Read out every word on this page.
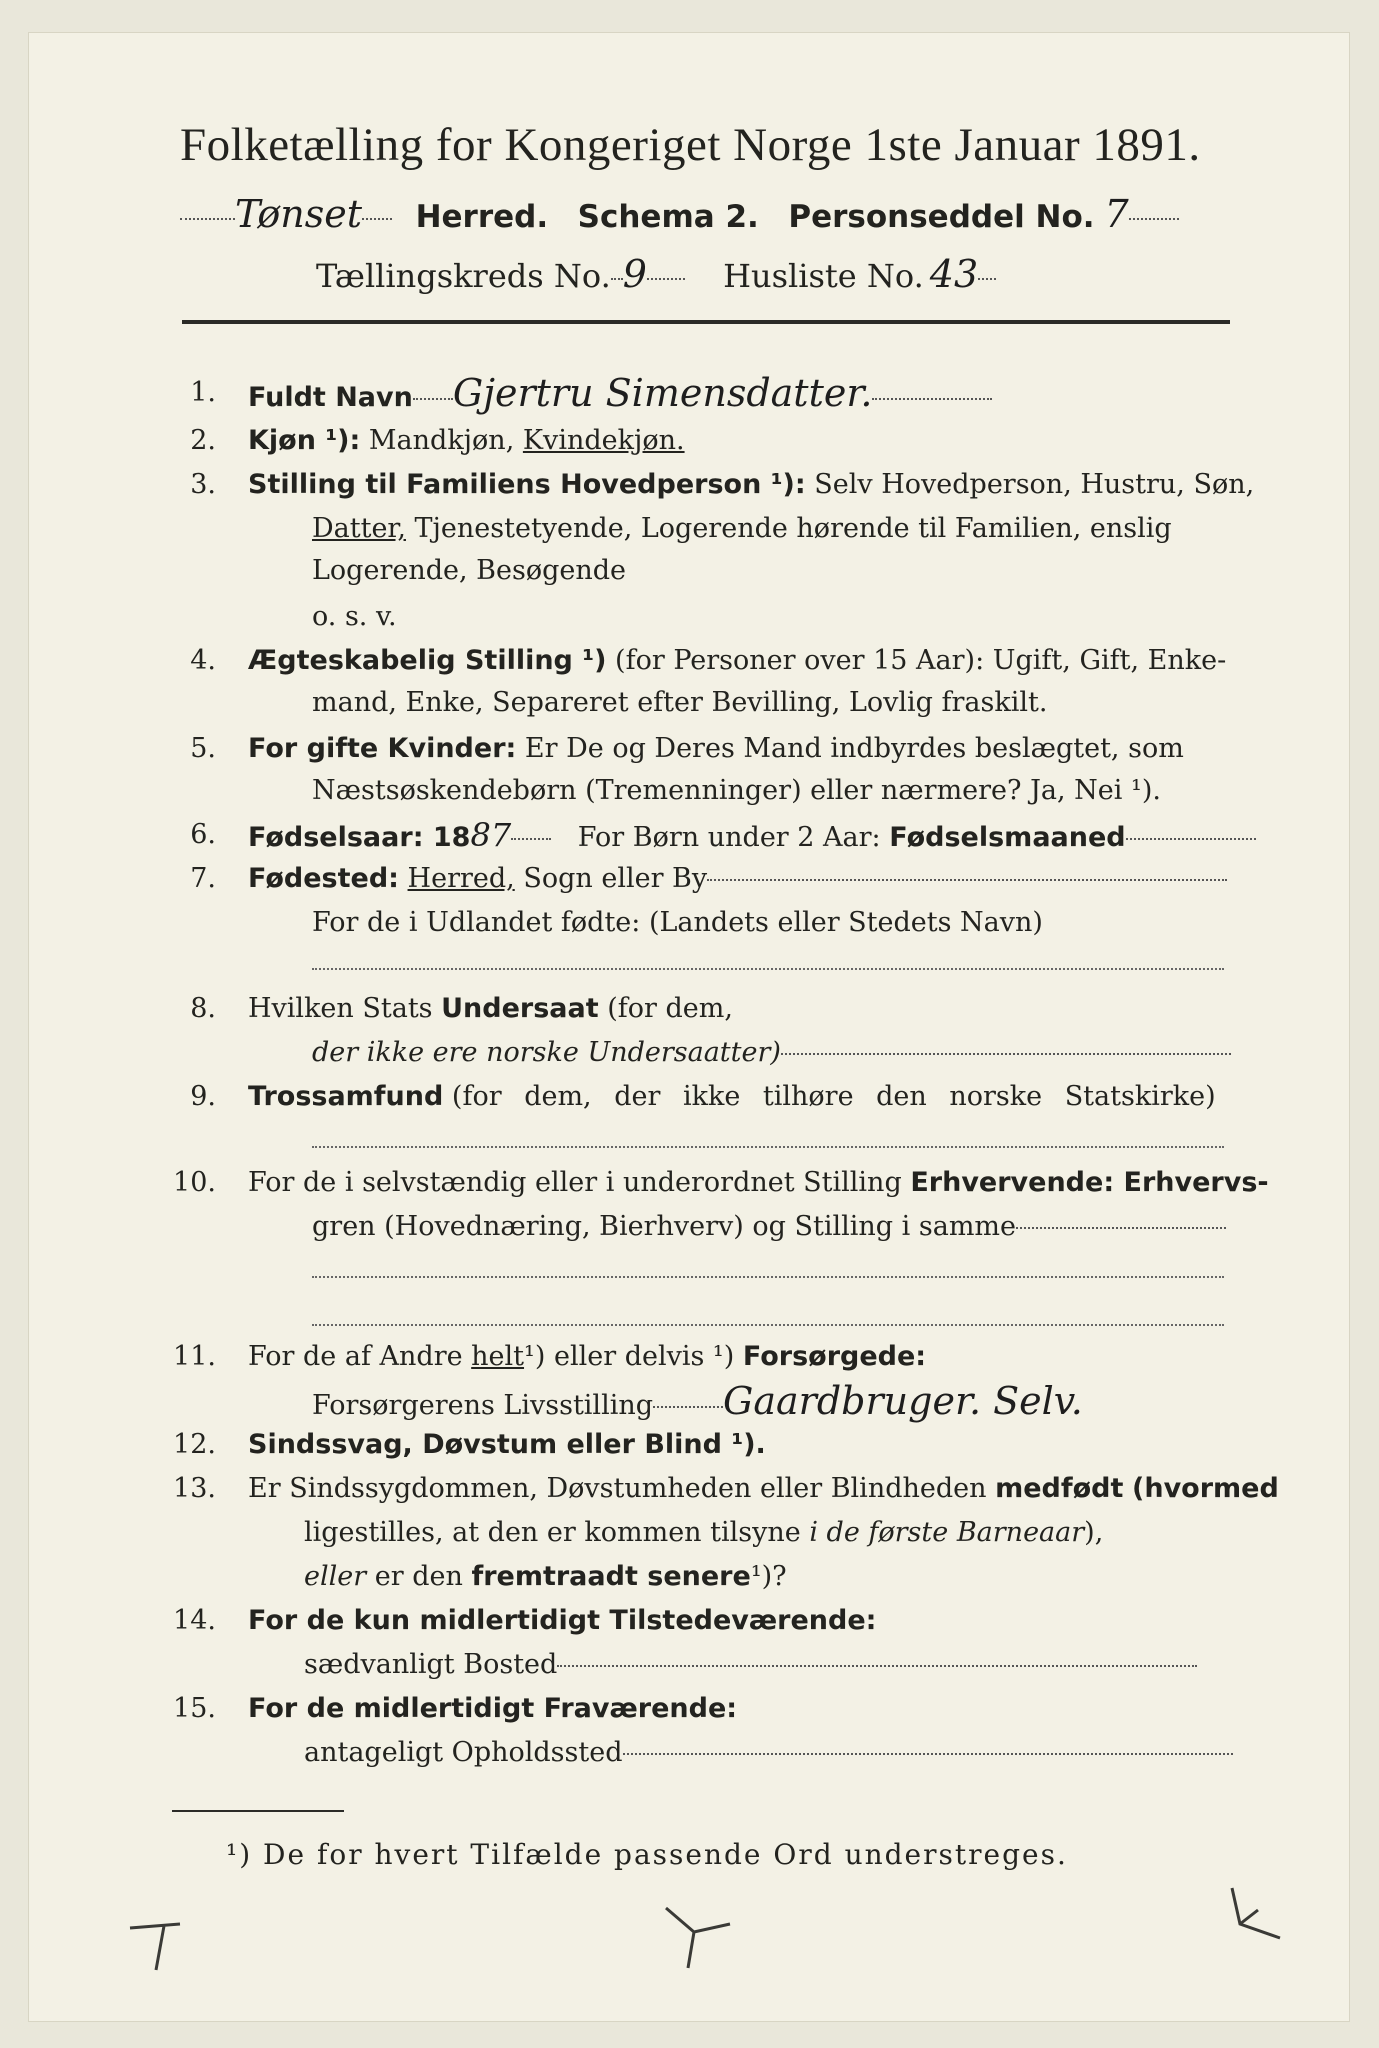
Folketælling for Kongeriget Norge 1ste Januar 1891.
Tønset Herred. Schema 2. Personseddel No. 7
Tællingskreds No. 9 Husliste No. 43
1. Fuldt Navn Gjertru Simensdatter.
2. Kjøn ¹): Mandkjøn, Kvindekjøn.
3. Stilling til Familiens Hovedperson ¹): Selv Hovedperson, Hustru, Søn,
Datter, Tjenestetyende, Logerende hørende til Familien, enslig
Logerende, Besøgende
o. s. v.
4. Ægteskabelig Stilling ¹) (for Personer over 15 Aar): Ugift, Gift, Enke-
mand, Enke, Separeret efter Bevilling, Lovlig fraskilt.
5. For gifte Kvinder: Er De og Deres Mand indbyrdes beslægtet, som
Næstsøskendebørn (Tremenninger) eller nærmere? Ja, Nei ¹).
6. Fødselsaar: 1887 For Børn under 2 Aar: Fødselsmaaned
7. Fødested: Herred, Sogn eller By
For de i Udlandet fødte: (Landets eller Stedets Navn)
8. Hvilken Stats Undersaat (for dem,
der ikke ere norske Undersaatter)
9. Trossamfund (for dem, der ikke tilhøre den norske Statskirke)
10. For de i selvstændig eller i underordnet Stilling Erhvervende: Erhvervs-
gren (Hovednæring, Bierhverv) og Stilling i samme
11. For de af Andre helt¹) eller delvis ¹) Forsørgede:
Forsørgerens Livsstilling Gaardbruger. Selv.
12. Sindssvag, Døvstum eller Blind ¹).
13. Er Sindssygdommen, Døvstumheden eller Blindheden medfødt (hvormed
ligestilles, at den er kommen tilsyne i de første Barneaar),
eller er den fremtraadt senere¹)?
14. For de kun midlertidigt Tilstedeværende:
sædvanligt Bosted
15. For de midlertidigt Fraværende:
antageligt Opholdssted
¹) De for hvert Tilfælde passende Ord understreges.
